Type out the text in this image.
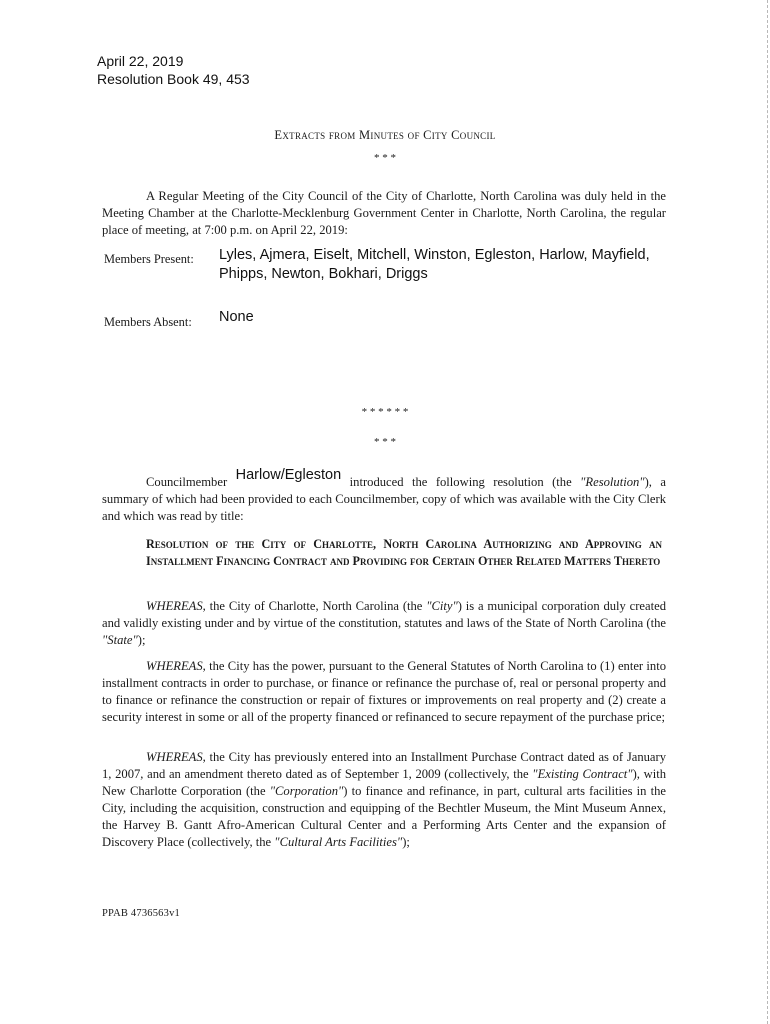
April 22, 2019
Resolution Book 49, 453
Extracts from Minutes of City Council
* * *
A Regular Meeting of the City Council of the City of Charlotte, North Carolina was duly held in the Meeting Chamber at the Charlotte-Mecklenburg Government Center in Charlotte, North Carolina, the regular place of meeting, at 7:00 p.m. on April 22, 2019:
Members Present: Lyles, Ajmera, Eiselt, Mitchell, Winston, Egleston, Harlow, Mayfield,
Phipps, Newton, Bokhari, Driggs
Members Absent: None
* * * * * *
* * *
Councilmember Harlow/Egleston introduced the following resolution (the "Resolution"), a summary of which had been provided to each Councilmember, copy of which was available with the City Clerk and which was read by title:
Resolution of the City of Charlotte, North Carolina Authorizing and Approving an Installment Financing Contract and Providing for Certain Other Related Matters Thereto
WHEREAS, the City of Charlotte, North Carolina (the "City") is a municipal corporation duly created and validly existing under and by virtue of the constitution, statutes and laws of the State of North Carolina (the "State");
WHEREAS, the City has the power, pursuant to the General Statutes of North Carolina to (1) enter into installment contracts in order to purchase, or finance or refinance the purchase of, real or personal property and to finance or refinance the construction or repair of fixtures or improvements on real property and (2) create a security interest in some or all of the property financed or refinanced to secure repayment of the purchase price;
WHEREAS, the City has previously entered into an Installment Purchase Contract dated as of January 1, 2007, and an amendment thereto dated as of September 1, 2009 (collectively, the "Existing Contract"), with New Charlotte Corporation (the "Corporation") to finance and refinance, in part, cultural arts facilities in the City, including the acquisition, construction and equipping of the Bechtler Museum, the Mint Museum Annex, the Harvey B. Gantt Afro-American Cultural Center and a Performing Arts Center and the expansion of Discovery Place (collectively, the "Cultural Arts Facilities");
PPAB 4736563v1
